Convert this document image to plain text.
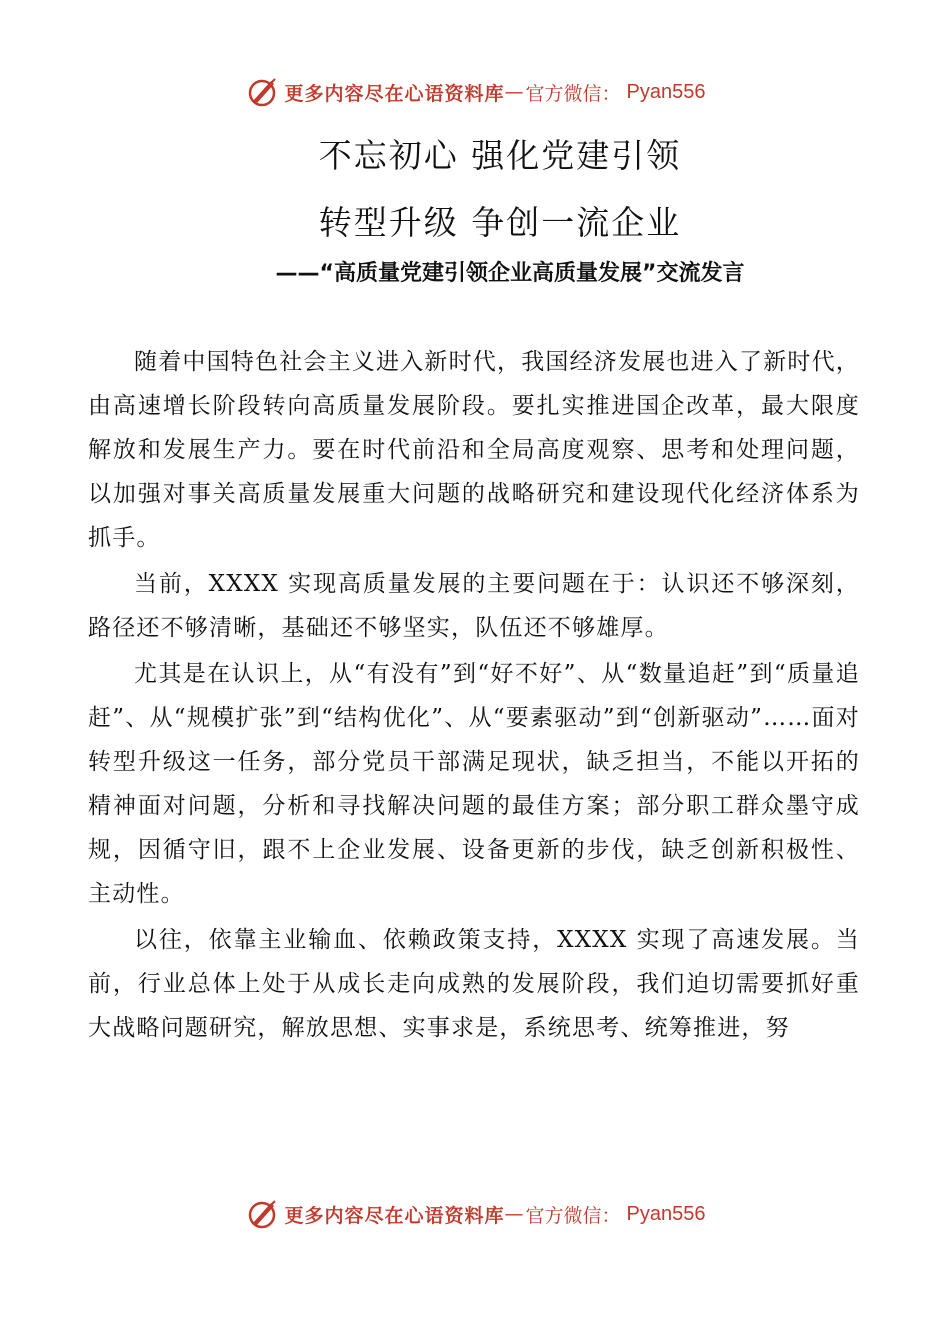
更多内容尽在心语资料库 — 官方微信： Pyan556
不忘初心 强化党建引领
转型升级 争创一流企业
——“高质量党建引领企业高质量发展”交流发言

随着中国特色社会主义进入新时代，我国经济发展也进入了新时代，由高速增长阶段转向高质量发展阶段。要扎实推进国企改革，最大限度解放和发展生产力。要在时代前沿和全局高度观察、思考和处理问题，以加强对事关高质量发展重大问题的战略研究和建设现代化经济体系为抓手。

当前，XXXX 实现高质量发展的主要问题在于：认识还不够深刻，路径还不够清晰，基础还不够坚实，队伍还不够雄厚。

尤其是在认识上，从“有没有”到“好不好”、从“数量追赶”到“质量追赶”、从“规模扩张”到“结构优化”、从“要素驱动”到“创新驱动”……面对转型升级这一任务，部分党员干部满足现状，缺乏担当，不能以开拓的精神面对问题，分析和寻找解决问题的最佳方案；部分职工群众墨守成规，因循守旧，跟不上企业发展、设备更新的步伐，缺乏创新积极性、主动性。

以往，依靠主业输血、依赖政策支持，XXXX 实现了高速发展。当前，行业总体上处于从成长走向成熟的发展阶段，我们迫切需要抓好重大战略问题研究，解放思想、实事求是，系统思考、统筹推进，努

更多内容尽在心语资料库 — 官方微信： Pyan556
